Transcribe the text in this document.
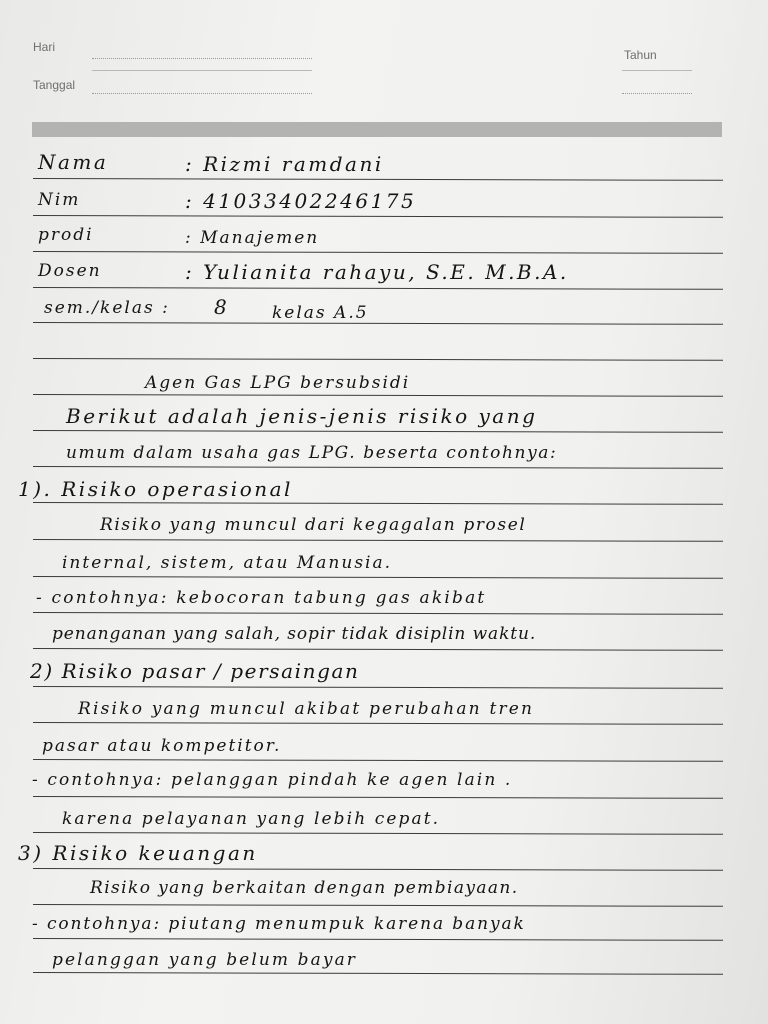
Hari
Tahun
Tanggal
Nama	: Rizmi ramdani
Nim	: 41033402246175
prodi	: Manajemen
Dosen	: Yulianita rahayu, S.E. M.B.A.
sem./kelas : 8	kelas A.5
Agen Gas LPG bersubsidi
Berikut adalah jenis-jenis risiko yang
umum dalam usaha gas LPG. beserta contohnya:
1). Risiko operasional
Risiko yang muncul dari kegagalan prosel
internal, sistem, atau Manusia.
- contohnya: kebocoran tabung gas akibat
penanganan yang salah, sopir tidak disiplin waktu.
2) Risiko pasar / persaingan
Risiko yang muncul akibat perubahan tren
pasar atau kompetitor.
- contohnya: pelanggan pindah ke agen lain .
karena pelayanan yang lebih cepat.
3) Risiko keuangan
Risiko yang berkaitan dengan pembiayaan.
- contohnya: piutang menumpuk karena banyak
pelanggan yang belum bayar
